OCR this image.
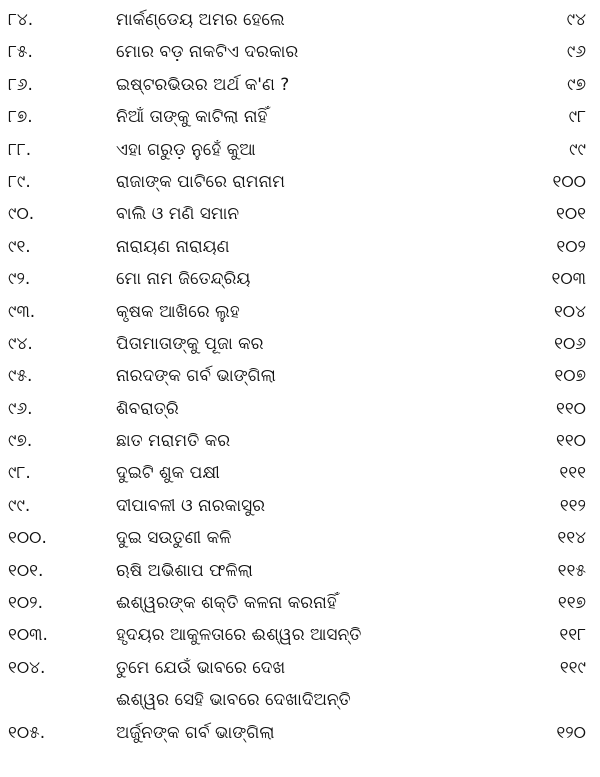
୮୪.	ମାର୍କଣ୍ଡେୟ ଅମର ହେଲେ	୯୪
୮୫.	ମୋର ବଡ଼ ନାକଟିଏ ଦରକାର	୯୬
୮୬.	ଇଷ୍ଟରଭିଉର ଅର୍ଥ କ'ଣ ?	୯୭
୮୭.	ନିଆଁ ତାଙ୍କୁ କାଟିଲା ନାହିଁ	୯୮
୮୮.	ଏହା ଗରୁଡ଼ ନୁହେଁ କୁଆ	୯୯
୮୯.	ରାଜାଙ୍କ ପାଟିରେ ରାମନାମ	୧୦୦
୯୦.	ବାଲି ଓ ମଣି ସମାନ	୧୦୧
୯୧.	ନାରାୟଣ ନାରାୟଣ	୧୦୨
୯୨.	ମୋ ନାମ ଜିତେନ୍ଦ୍ରିୟ	୧୦୩
୯୩.	କୃଷକ ଆଖିରେ ଲୁହ	୧୦୪
୯୪.	ପିତାମାତାଙ୍କୁ ପୂଜା କର	୧୦୬
୯୫.	ନାରଦଙ୍କ ଗର୍ବ ଭାଙ୍ଗିଲା	୧୦୭
୯୬.	ଶିବରାତ୍ରି	୧୧୦
୯୭.	ଛାତ ମରାମତି କର	୧୧୦
୯୮.	ଦୁଇଟି ଶୁକ ପକ୍ଷୀ	୧୧୧
୯୯.	ଦୀପାବଳୀ ଓ ନାରକାସୁର	୧୧୨
୧୦୦.	ଦୁଇ ସଉତୁଣୀ କଳି	୧୧୪
୧୦୧.	ଋଷି ଅଭିଶାପ ଫଳିଲା	୧୧୫
୧୦୨.	ଈଶ୍ୱରଙ୍କ ଶକ୍ତି କଳନା କରନାହିଁ	୧୧୭
୧୦୩.	ହୃଦୟର ଆକୁଳତାରେ ଈଶ୍ୱର ଆସନ୍ତି	୧୧୮
୧୦୪.	ତୁମେ ଯେଉଁ ଭାବରେ ଦେଖ	୧୧୯
ଈଶ୍ୱର ସେହି ଭାବରେ ଦେଖାଦିଅନ୍ତି
୧୦୫.	ଅର୍ଜୁନଙ୍କ ଗର୍ବ ଭାଙ୍ଗିଲା	୧୨୦
